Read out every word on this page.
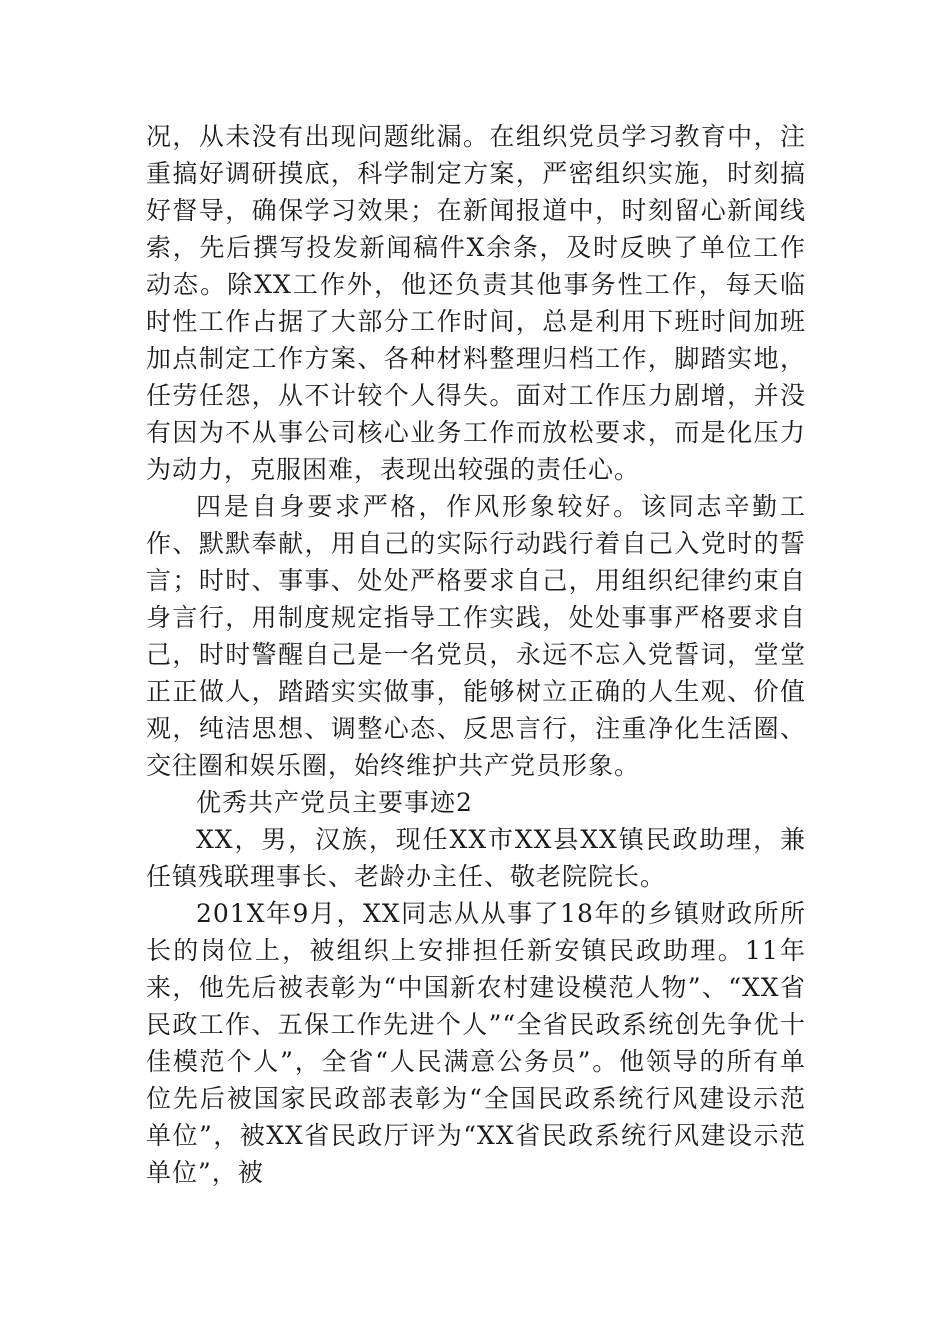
况，从未没有出现问题纰漏。在组织党员学习教育中，注重搞好调研摸底，科学制定方案，严密组织实施，时刻搞好督导，确保学习效果；在新闻报道中，时刻留心新闻线索，先后撰写投发新闻稿件X余条，及时反映了单位工作动态。除XX工作外，他还负责其他事务性工作，每天临时性工作占据了大部分工作时间，总是利用下班时间加班加点制定工作方案、各种材料整理归档工作，脚踏实地，任劳任怨，从不计较个人得失。面对工作压力剧增，并没有因为不从事公司核心业务工作而放松要求，而是化压力为动力，克服困难，表现出较强的责任心。

四是自身要求严格，作风形象较好。该同志辛勤工作、默默奉献，用自己的实际行动践行着自己入党时的誓言；时时、事事、处处严格要求自己，用组织纪律约束自身言行，用制度规定指导工作实践，处处事事严格要求自己，时时警醒自己是一名党员，永远不忘入党誓词，堂堂正正做人，踏踏实实做事，能够树立正确的人生观、价值观，纯洁思想、调整心态、反思言行，注重净化生活圈、交往圈和娱乐圈，始终维护共产党员形象。

优秀共产党员主要事迹2

XX，男，汉族，现任XX市XX县XX镇民政助理，兼任镇残联理事长、老龄办主任、敬老院院长。

201X年9月，XX同志从从事了18年的乡镇财政所所长的岗位上，被组织上安排担任新安镇民政助理。11年来，他先后被表彰为“中国新农村建设模范人物”、“XX省民政工作、五保工作先进个人”“全省民政系统创先争优十佳模范个人”，全省“人民满意公务员”。他领导的所有单位先后被国家民政部表彰为“全国民政系统行风建设示范单位”，被XX省民政厅评为“XX省民政系统行风建设示范单位”，被
